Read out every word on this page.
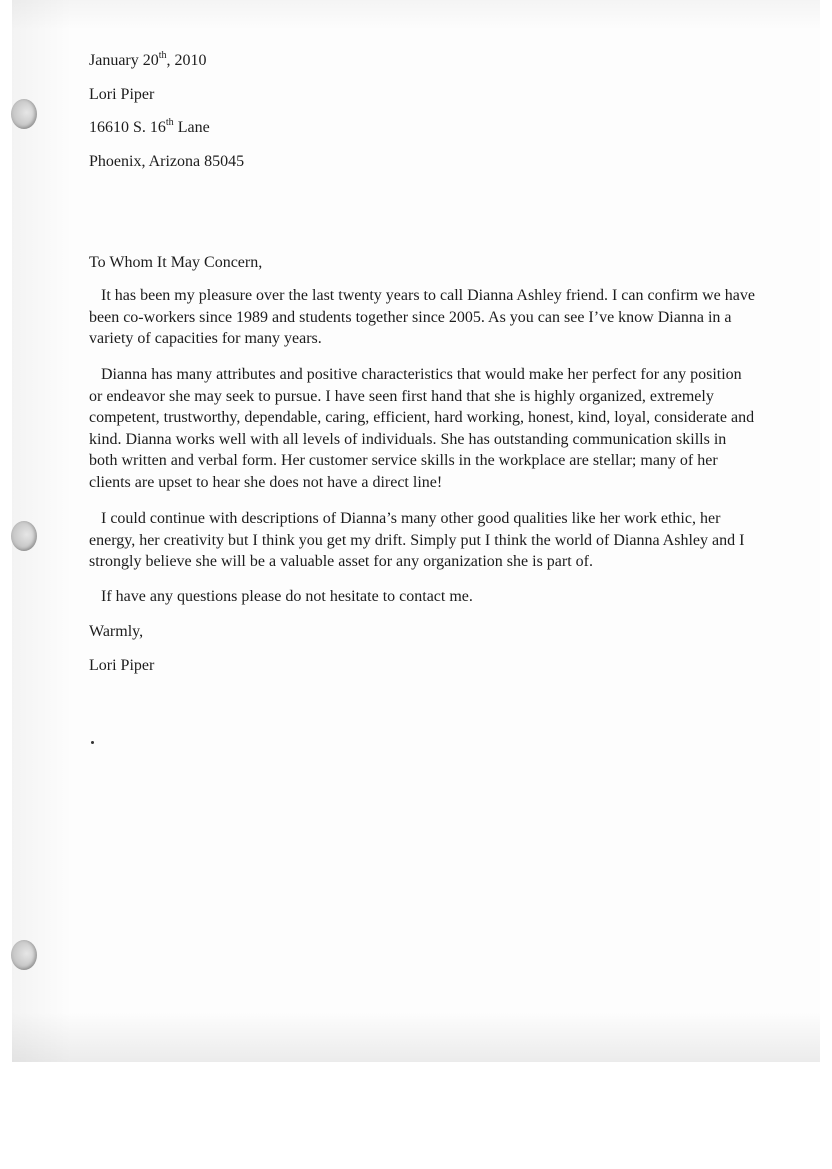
January 20th, 2010
Lori Piper
16610 S. 16th Lane
Phoenix, Arizona 85045
To Whom It May Concern,

It has been my pleasure over the last twenty years to call Dianna Ashley friend. I can confirm we have been co-workers since 1989 and students together since 2005. As you can see I’ve know Dianna in a variety of capacities for many years.

Dianna has many attributes and positive characteristics that would make her perfect for any position or endeavor she may seek to pursue. I have seen first hand that she is highly organized, extremely competent, trustworthy, dependable, caring, efficient, hard working, honest, kind, loyal, considerate and kind. Dianna works well with all levels of individuals. She has outstanding communication skills in both written and verbal form. Her customer service skills in the workplace are stellar; many of her clients are upset to hear she does not have a direct line!

I could continue with descriptions of Dianna’s many other good qualities like her work ethic, her energy, her creativity but I think you get my drift. Simply put I think the world of Dianna Ashley and I strongly believe she will be a valuable asset for any organization she is part of.

If have any questions please do not hesitate to contact me.

Warmly,
Lori Piper
